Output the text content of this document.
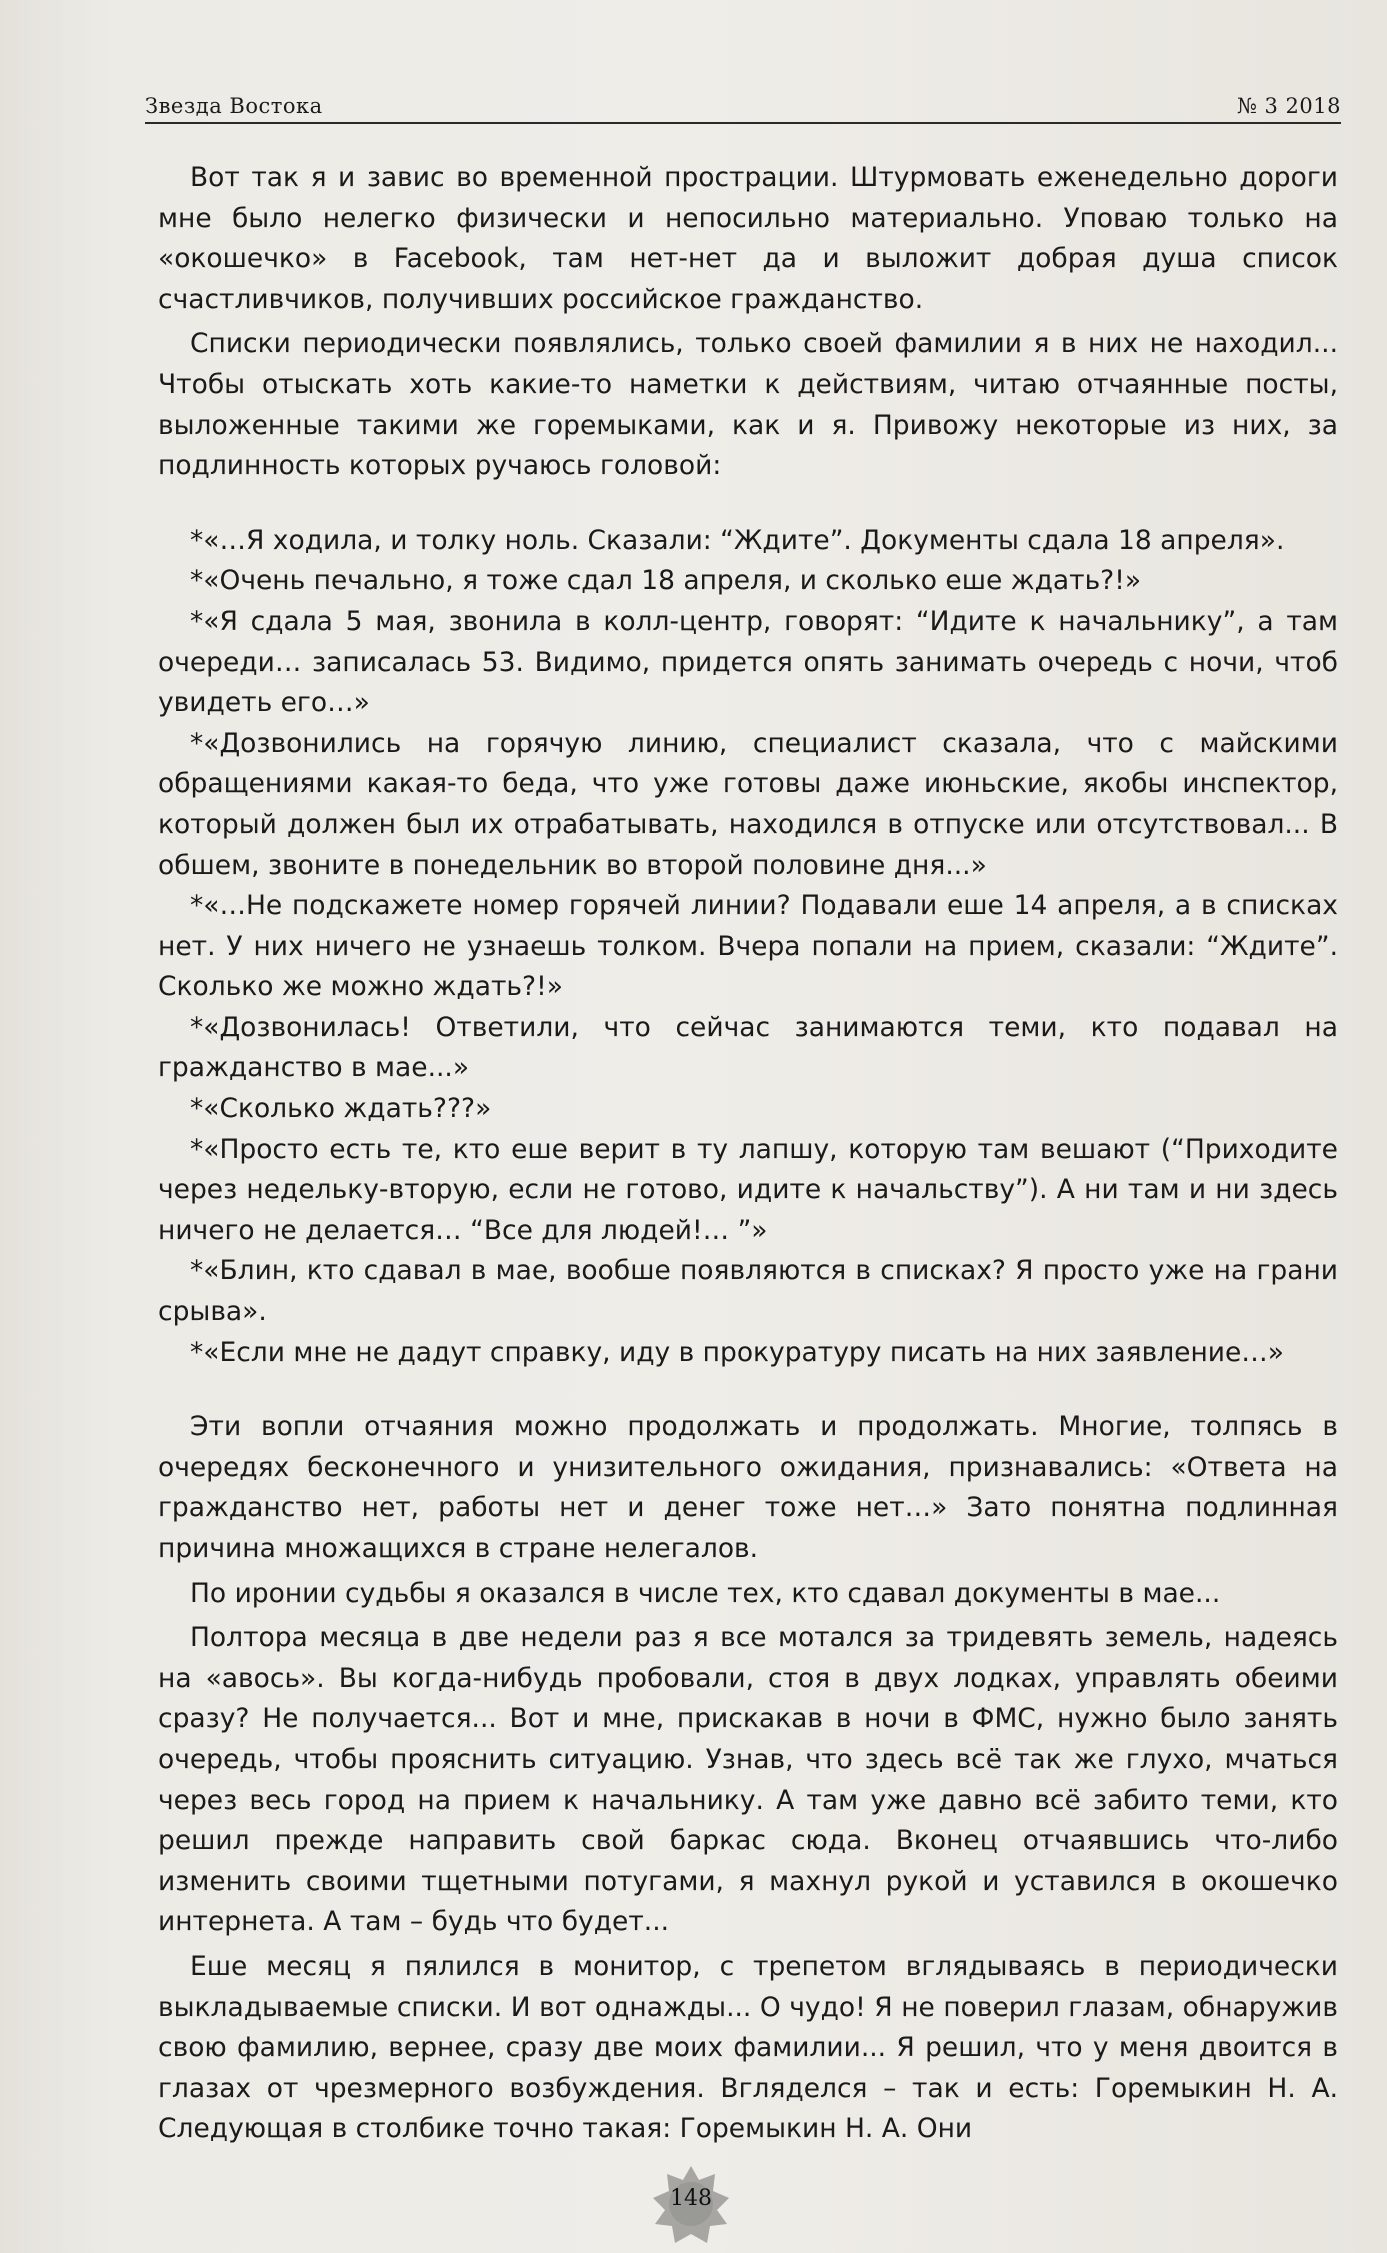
Звезда Востока	№ 3 2018

Вот так я и завис во временной прострации. Штурмовать еженедельно дороги мне было нелегко физически и непосильно материально. Уповаю только на «окошечко» в Facebook, там нет-нет да и выложит добрая душа список счастливчиков, получивших российское гражданство.

Списки периодически появлялись, только своей фамилии я в них не находил... Чтобы отыскать хоть какие-то наметки к действиям, читаю отчаянные посты, выложенные такими же горемыками, как и я. Привожу некоторые из них, за подлинность которых ручаюсь головой:

*«…Я ходила, и толку ноль. Сказали: “Ждите”. Документы сдала 18 апреля».

*«Очень печально, я тоже сдал 18 апреля, и сколько еше ждать?!»

*«Я сдала 5 мая, звонила в колл-центр, говорят: “Идите к начальнику”, а там очереди… записалась 53. Видимо, придется опять занимать очередь с ночи, чтоб увидеть его…»

*«Дозвонились на горячую линию, специалист сказала, что с майскими обращениями какая-то беда, что уже готовы даже июньские, якобы инспектор, который должен был их отрабатывать, находился в отпуске или отсутствовал... В обшем, звоните в понедельник во второй половине дня...»

*«…Не подскажете номер горячей линии? Подавали еше 14 апреля, а в списках нет. У них ничего не узнаешь толком. Вчера попали на прием, сказали: “Ждите”. Сколько же можно ждать?!»

*«Дозвонилась! Ответили, что сейчас занимаются теми, кто подавал на гражданство в мае...»

*«Сколько ждать???»

*«Просто есть те, кто еше верит в ту лапшу, которую там вешают (“Приходите через недельку-вторую, если не готово, идите к начальству”). А ни там и ни здесь ничего не делается… “Все для людей!… ”»

*«Блин, кто сдавал в мае, вообше появляются в списках? Я просто уже на грани срыва».

*«Если мне не дадут справку, иду в прокуратуру писать на них заявление…»

Эти вопли отчаяния можно продолжать и продолжать. Многие, толпясь в очередях бесконечного и унизительного ожидания, признавались: «Ответа на гражданство нет, работы нет и денег тоже нет…» Зато понятна подлинная причина множащихся в стране нелегалов.

По иронии судьбы я оказался в числе тех, кто сдавал документы в мае...

Полтора месяца в две недели раз я все мотался за тридевять земель, надеясь на «авось». Вы когда-нибудь пробовали, стоя в двух лодках, управлять обеими сразу? Не получается... Вот и мне, прискакав в ночи в ФМС, нужно было занять очередь, чтобы прояснить ситуацию. Узнав, что здесь всё так же глухо, мчаться через весь город на прием к начальнику. А там уже давно всё забито теми, кто решил прежде направить свой баркас сюда. Вконец отчаявшись что-либо изменить своими тщетными потугами, я махнул рукой и уставился в окошечко интернета. А там – будь что будет...

Еше месяц я пялился в монитор, с трепетом вглядываясь в периодически выкладываемые списки. И вот однажды... О чудо! Я не поверил глазам, обнаружив свою фамилию, вернее, сразу две моих фамилии... Я решил, что у меня двоится в глазах от чрезмерного возбуждения. Вгляделся – так и есть: Горемыкин Н. А. Следующая в столбике точно такая: Горемыкин Н. А. Они

148
